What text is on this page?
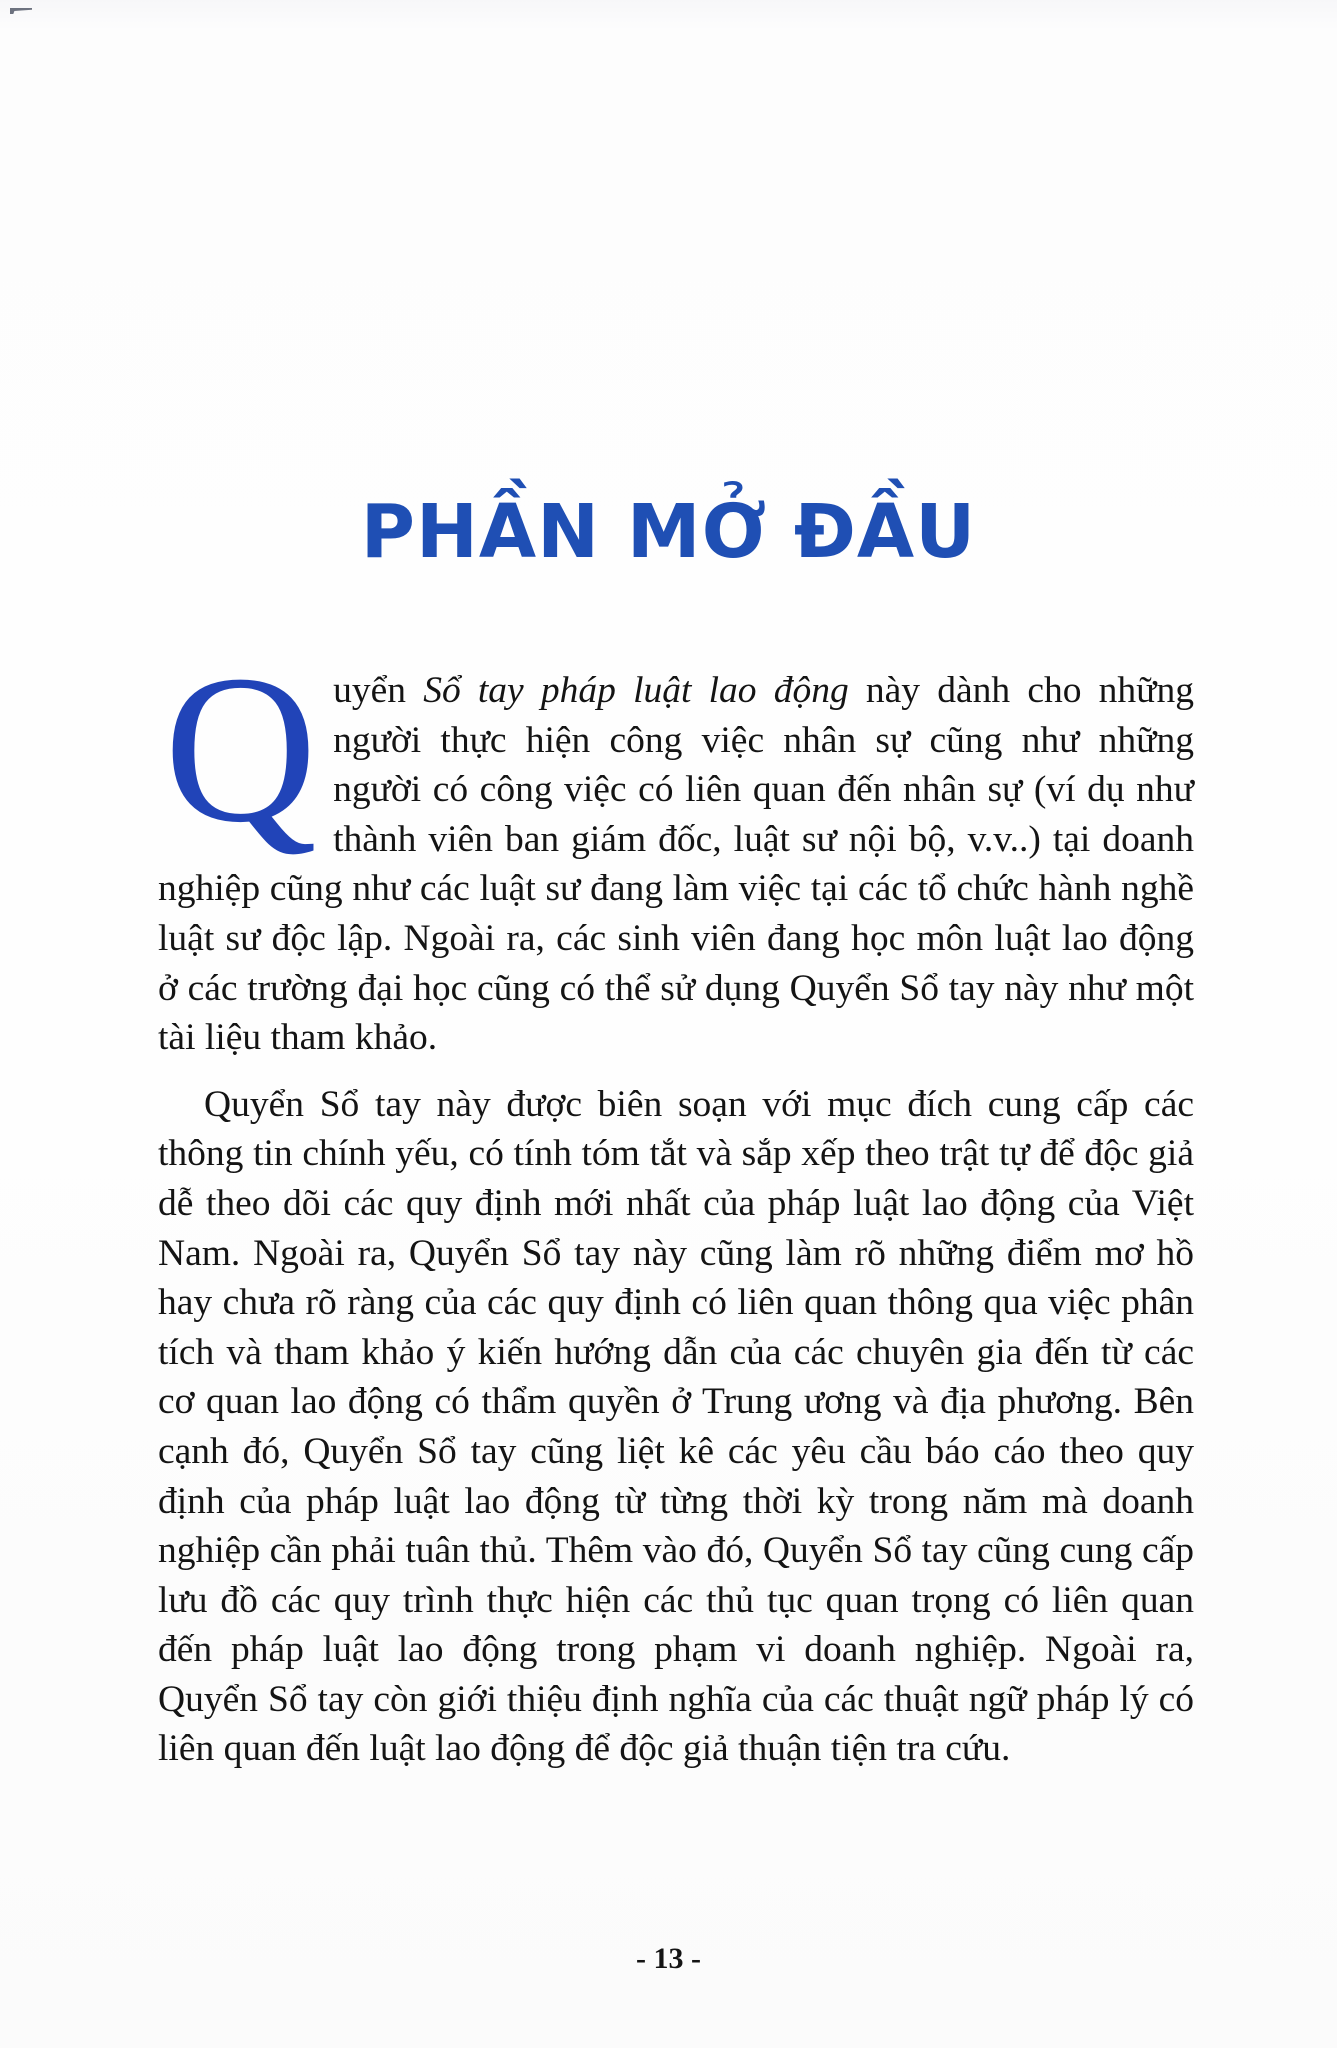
PHẦN MỞ ĐẦU

Quyển Sổ tay pháp luật lao động này dành cho những người thực hiện công việc nhân sự cũng như những người có công việc có liên quan đến nhân sự (ví dụ như thành viên ban giám đốc, luật sư nội bộ, v.v..) tại doanh nghiệp cũng như các luật sư đang làm việc tại các tổ chức hành nghề luật sư độc lập. Ngoài ra, các sinh viên đang học môn luật lao động ở các trường đại học cũng có thể sử dụng Quyển Sổ tay này như một tài liệu tham khảo.

Quyển Sổ tay này được biên soạn với mục đích cung cấp các thông tin chính yếu, có tính tóm tắt và sắp xếp theo trật tự để độc giả dễ theo dõi các quy định mới nhất của pháp luật lao động của Việt Nam. Ngoài ra, Quyển Sổ tay này cũng làm rõ những điểm mơ hồ hay chưa rõ ràng của các quy định có liên quan thông qua việc phân tích và tham khảo ý kiến hướng dẫn của các chuyên gia đến từ các cơ quan lao động có thẩm quyền ở Trung ương và địa phương. Bên cạnh đó, Quyển Sổ tay cũng liệt kê các yêu cầu báo cáo theo quy định của pháp luật lao động từ từng thời kỳ trong năm mà doanh nghiệp cần phải tuân thủ. Thêm vào đó, Quyển Sổ tay cũng cung cấp lưu đồ các quy trình thực hiện các thủ tục quan trọng có liên quan đến pháp luật lao động trong phạm vi doanh nghiệp. Ngoài ra, Quyển Sổ tay còn giới thiệu định nghĩa của các thuật ngữ pháp lý có liên quan đến luật lao động để độc giả thuận tiện tra cứu.

- 13 -
